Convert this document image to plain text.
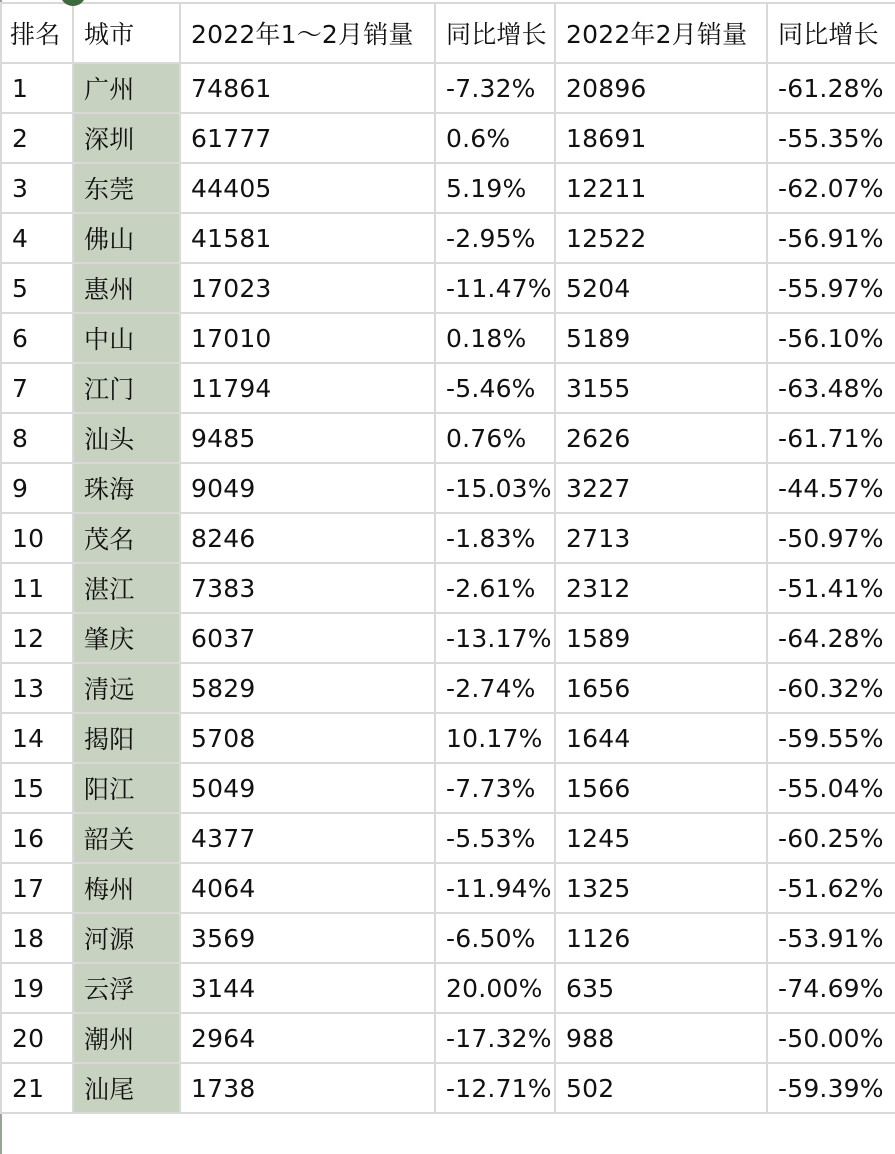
排名	城市	2022年1～2月销量	同比增长	2022年2月销量	同比增长
1	广州	74861	-7.32%	20896	-61.28%
2	深圳	61777	0.6%	18691	-55.35%
3	东莞	44405	5.19%	12211	-62.07%
4	佛山	41581	-2.95%	12522	-56.91%
5	惠州	17023	-11.47%	5204	-55.97%
6	中山	17010	0.18%	5189	-56.10%
7	江门	11794	-5.46%	3155	-63.48%
8	汕头	9485	0.76%	2626	-61.71%
9	珠海	9049	-15.03%	3227	-44.57%
10	茂名	8246	-1.83%	2713	-50.97%
11	湛江	7383	-2.61%	2312	-51.41%
12	肇庆	6037	-13.17%	1589	-64.28%
13	清远	5829	-2.74%	1656	-60.32%
14	揭阳	5708	10.17%	1644	-59.55%
15	阳江	5049	-7.73%	1566	-55.04%
16	韶关	4377	-5.53%	1245	-60.25%
17	梅州	4064	-11.94%	1325	-51.62%
18	河源	3569	-6.50%	1126	-53.91%
19	云浮	3144	20.00%	635	-74.69%
20	潮州	2964	-17.32%	988	-50.00%
21	汕尾	1738	-12.71%	502	-59.39%
